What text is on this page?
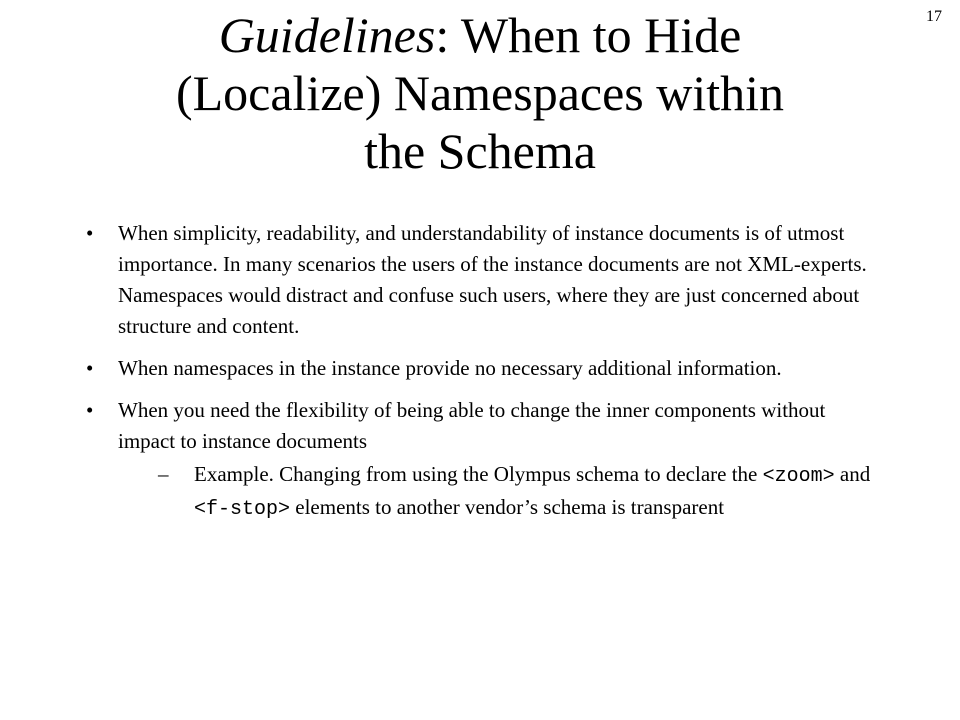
17
Guidelines: When to Hide
(Localize) Namespaces within
the Schema
• When simplicity, readability, and understandability of instance documents is of utmost importance. In many scenarios the users of the instance documents are not XML-experts. Namespaces would distract and confuse such users, where they are just concerned about structure and content.
• When namespaces in the instance provide no necessary additional information.
• When you need the flexibility of being able to change the inner components without impact to instance documents
– Example. Changing from using the Olympus schema to declare the <zoom> and <f-stop> elements to another vendor’s schema is transparent
